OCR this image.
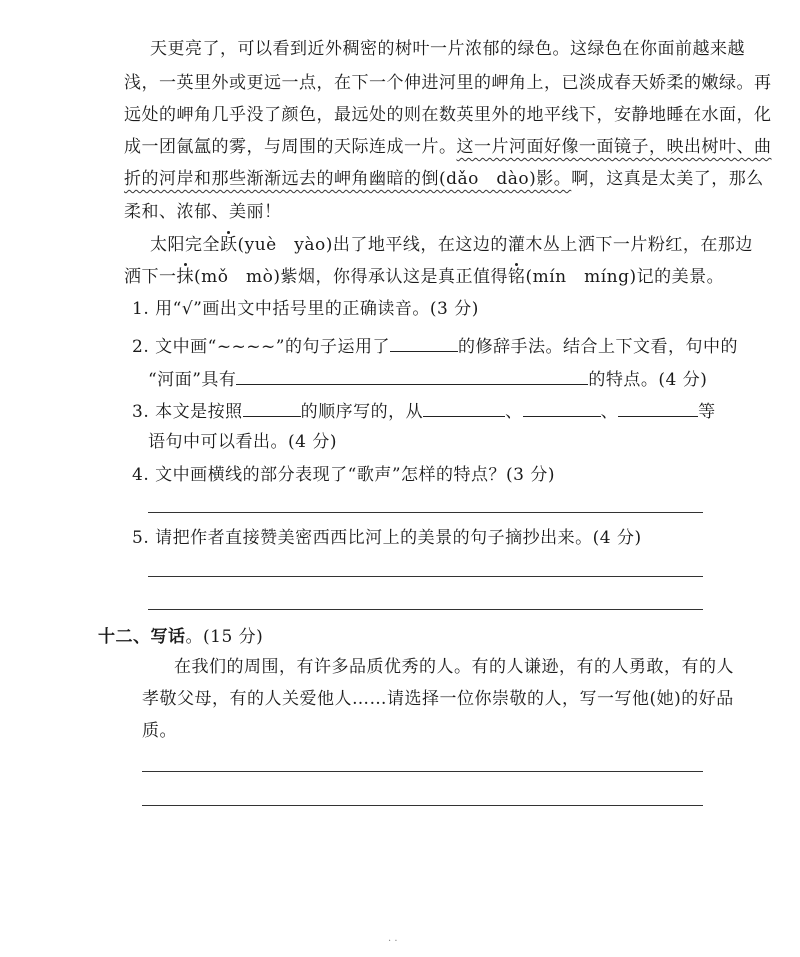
天更亮了，可以看到近外稠密的树叶一片浓郁的绿色。这绿色在你面前越来越
浅，一英里外或更远一点，在下一个伸进河里的岬角上，已淡成春天娇柔的嫩绿。再
远处的岬角几乎没了颜色，最远处的则在数英里外的地平线下，安静地睡在水面，化
成一团氤氲的雾，与周围的天际连成一片。这一片河面好像一面镜子，映出树叶、曲
折的河岸和那些渐渐远去的岬角幽暗的倒(dǎo　dào)影。啊，这真是太美了，那么
柔和、浓郁、美丽！
太阳完全跃(yuè　yào)出了地平线，在这边的灌木丛上洒下一片粉红，在那边
洒下一抹(mǒ　mò)紫烟，你得承认这是真正值得铭(mín　míng)记的美景。
1. 用“√”画出文中括号里的正确读音。(3 分)
2. 文中画“~~~~”的句子运用了	的修辞手法。结合上下文看，句中的
“河面”具有	的特点。(4 分)
3. 本文是按照	的顺序写的，从	、	、	等
语句中可以看出。(4 分)
4. 文中画横线的部分表现了“歌声”怎样的特点？(3 分)
5. 请把作者直接赞美密西西比河上的美景的句子摘抄出来。(4 分)
十二、写话。(15 分)
在我们的周围，有许多品质优秀的人。有的人谦逊，有的人勇敢，有的人
孝敬父母，有的人关爱他人……请选择一位你崇敬的人，写一写他(她)的好品
质。
· ·
